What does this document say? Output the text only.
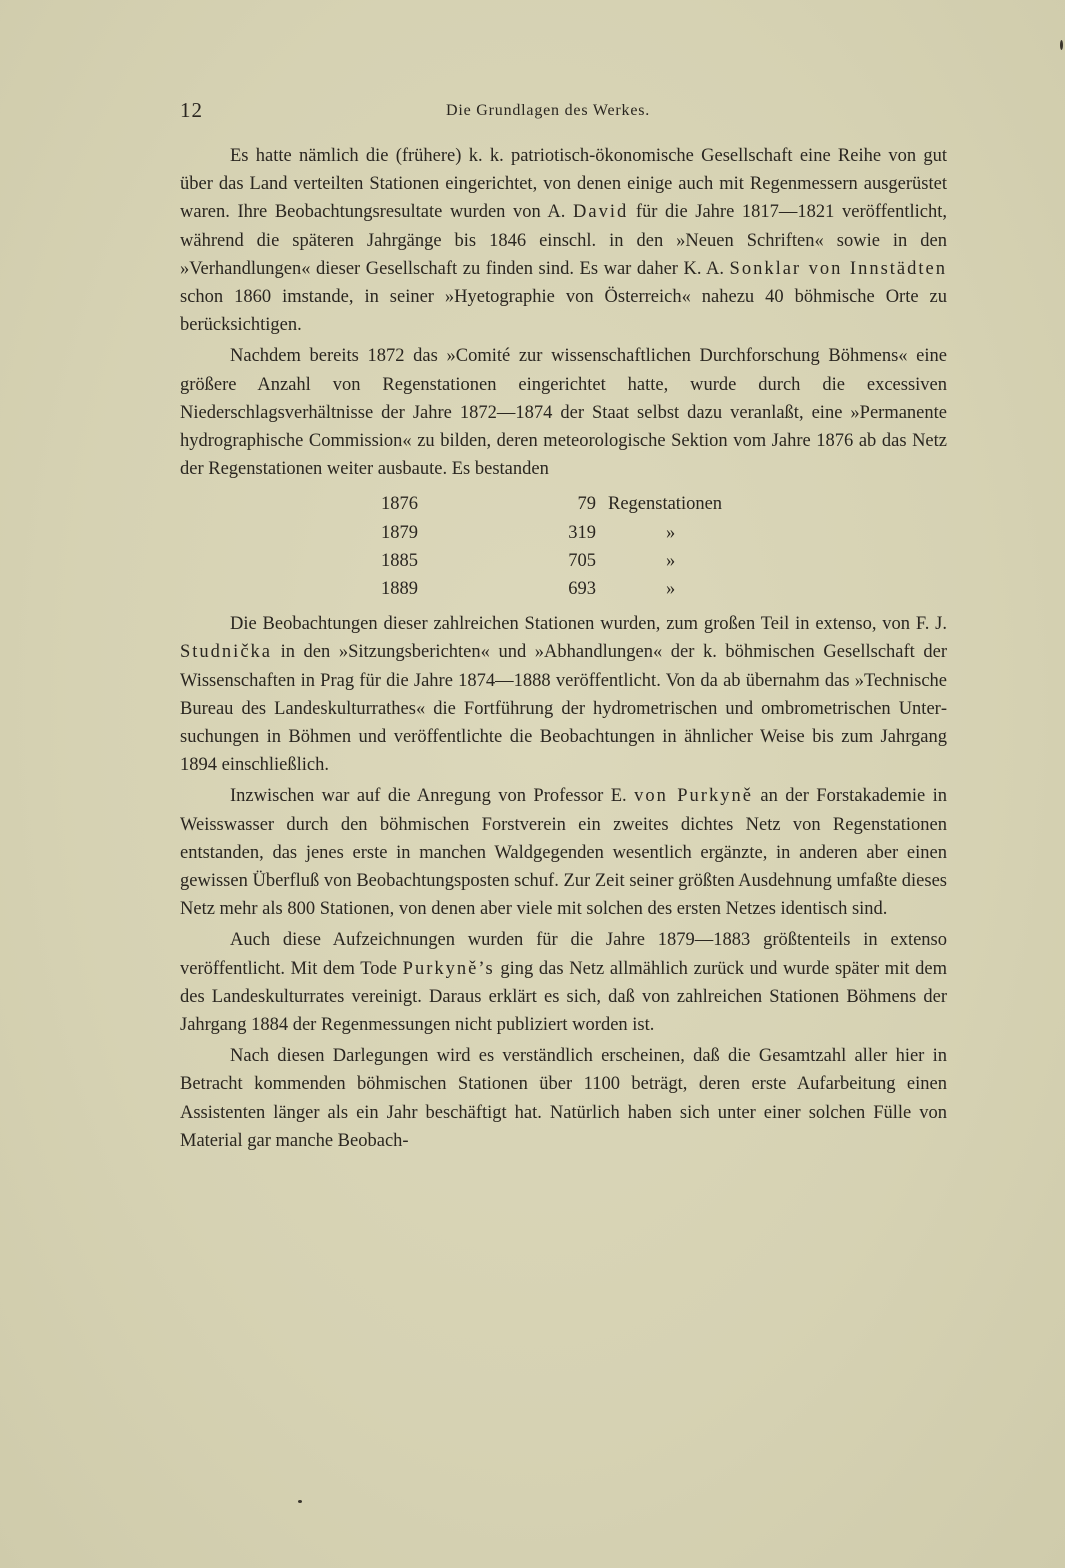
12	Die Grundlagen des Werkes.

Es hatte nämlich die (frühere) k. k. patriotisch-ökonomische Gesellschaft eine Reihe von gut über das Land verteilten Stationen eingerichtet, von denen einige auch mit Regenmessern ausgerüstet waren. Ihre Beobachtungsresultate wurden von A. David für die Jahre 1817—1821 veröffentlicht, während die späteren Jahrgänge bis 1846 einschl. in den »Neuen Schriften« sowie in den »Verhandlungen« dieser Gesellschaft zu finden sind. Es war daher K. A. Sonklar von Innstädten schon 1860 imstande, in seiner »Hyetographie von Österreich« nahezu 40 böhmische Orte zu berücksichtigen.

Nachdem bereits 1872 das »Comité zur wissenschaftlichen Durchforschung Böhmens« eine größere Anzahl von Regenstationen eingerichtet hatte, wurde durch die excessiven Niederschlagsverhältnisse der Jahre 1872—1874 der Staat selbst dazu veranlaßt, eine »Permanente hydrographische Commission« zu bilden, deren meteorologische Sektion vom Jahre 1876 ab das Netz der Regenstationen weiter ausbaute. Es bestanden

1876	79 Regenstationen
1879	319	»
1885	705	»
1889	693	»

Die Beobachtungen dieser zahlreichen Stationen wurden, zum großen Teil in extenso, von F. J. Studnička in den »Sitzungsberichten« und »Abhandlungen« der k. böhmischen Gesellschaft der Wissenschaften in Prag für die Jahre 1874—1888 veröffentlicht. Von da ab übernahm das »Technische Bureau des Landeskulturrathes« die Fortführung der hydrometrischen und ombrometrischen Untersuchungen in Böhmen und veröffentlichte die Beobachtungen in ähnlicher Weise bis zum Jahrgang 1894 einschließlich.

Inzwischen war auf die Anregung von Professor E. von Purkyně an der Forstakademie in Weisswasser durch den böhmischen Forstverein ein zweites dichtes Netz von Regenstationen entstanden, das jenes erste in manchen Waldgegenden wesentlich ergänzte, in anderen aber einen gewissen Überfluß von Beobachtungsposten schuf. Zur Zeit seiner größten Ausdehnung umfaßte dieses Netz mehr als 800 Stationen, von denen aber viele mit solchen des ersten Netzes identisch sind.

Auch diese Aufzeichnungen wurden für die Jahre 1879—1883 größtenteils in extenso veröffentlicht. Mit dem Tode Purkyně’s ging das Netz allmählich zurück und wurde später mit dem des Landeskulturrates vereinigt. Daraus erklärt es sich, daß von zahlreichen Stationen Böhmens der Jahrgang 1884 der Regenmessungen nicht publiziert worden ist.

Nach diesen Darlegungen wird es verständlich erscheinen, daß die Gesamtzahl aller hier in Betracht kommenden böhmischen Stationen über 1100 beträgt, deren erste Aufarbeitung einen Assistenten länger als ein Jahr beschäftigt hat. Natürlich haben sich unter einer solchen Fülle von Material gar manche Beobach-
